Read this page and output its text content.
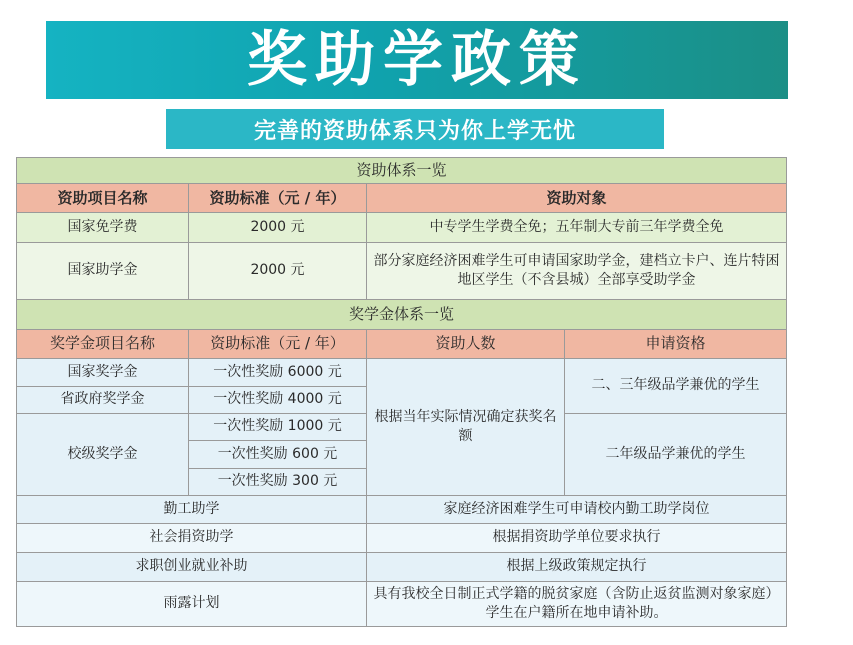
奖助学政策
完善的资助体系 只为你上学无忧
资助体系一览			
资助项目名称	资助标准（元 / 年）	资助对象	
国家免学费	2000 元	中专学生学费全免；五年制大专前三年学费全免	
国家助学金	2000 元	部分家庭经济困难学生可申请国家助学金，建档立卡户、连片特困地区学生（不含县城）全部享受助学金	
奖学金体系一览			
奖学金项目名称	资助标准（元 / 年）	资助人数	申请资格
国家奖学金	一次性奖励 6000 元	根据当年实际情况确定获奖名额	二、三年级品学兼优的学生
省政府奖学金	一次性奖励 4000 元		
校级奖学金	一次性奖励 1000 元		二年级品学兼优的学生
	一次性奖励 600 元		
	一次性奖励 300 元		
勤工助学		家庭经济困难学生可申请校内勤工助学岗位	
社会捐资助学		根据捐资助学单位要求执行	
求职创业就业补助		根据上级政策规定执行	
雨露计划		具有我校全日制正式学籍的脱贫家庭（含防止返贫监测对象家庭）学生在户籍所在地申请补助。	
